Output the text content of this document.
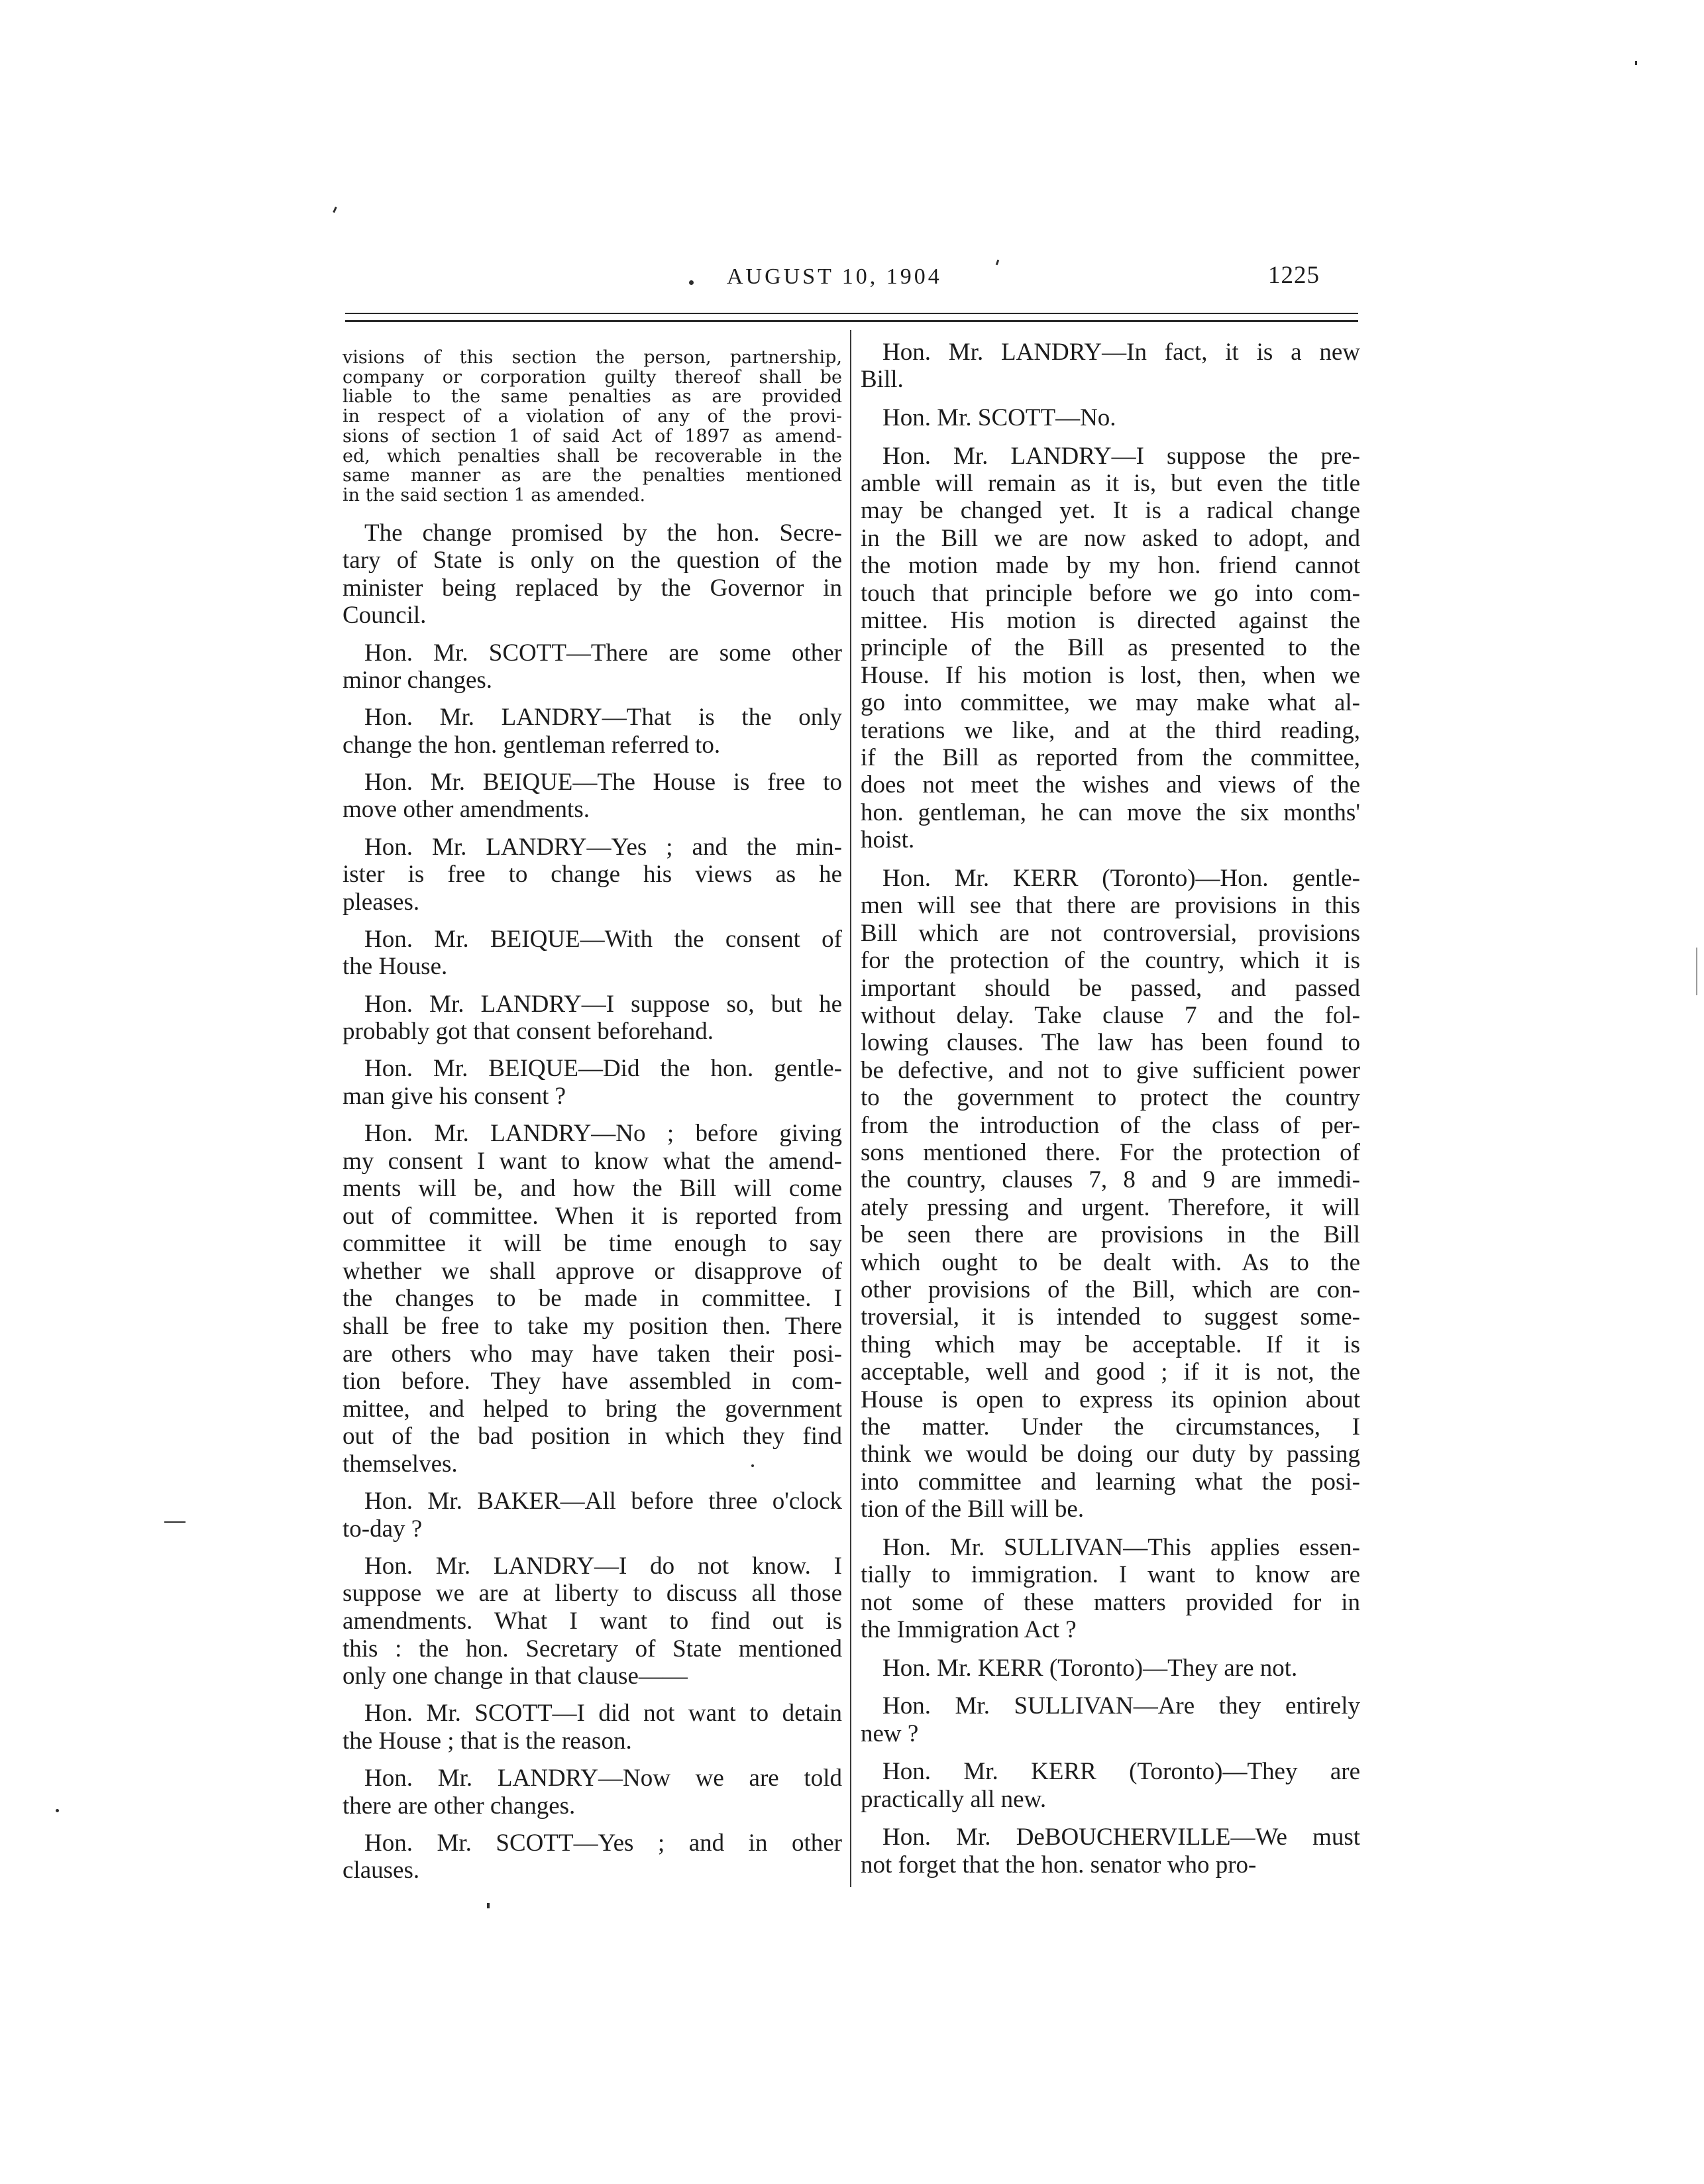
AUGUST 10, 1904	1225
visions of this section the person, partnership,
company or corporation guilty thereof shall be
liable to the same penalties as are provided
in respect of a violation of any of the provi-
sions of section 1 of said Act of 1897 as amend-
ed, which penalties shall be recoverable in the
same manner as are the penalties mentioned
in the said section 1 as amended.
The change promised by the hon. Secre-
tary of State is only on the question of the
minister being replaced by the Governor in
Council.
Hon. Mr. SCOTT—There are some other
minor changes.
Hon. Mr. LANDRY—That is the only
change the hon. gentleman referred to.
Hon. Mr. BEIQUE—The House is free to
move other amendments.
Hon. Mr. LANDRY—Yes ; and the min-
ister is free to change his views as he
pleases.
Hon. Mr. BEIQUE—With the consent of
the House.
Hon. Mr. LANDRY—I suppose so, but he
probably got that consent beforehand.
Hon. Mr. BEIQUE—Did the hon. gentle-
man give his consent ?
Hon. Mr. LANDRY—No ; before giving
my consent I want to know what the amend-
ments will be, and how the Bill will come
out of committee. When it is reported from
committee it will be time enough to say
whether we shall approve or disapprove of
the changes to be made in committee. I
shall be free to take my position then. There
are others who may have taken their posi-
tion before. They have assembled in com-
mittee, and helped to bring the government
out of the bad position in which they find
themselves.
Hon. Mr. BAKER—All before three o'clock
to-day ?
Hon. Mr. LANDRY—I do not know. I
suppose we are at liberty to discuss all those
amendments. What I want to find out is
this : the hon. Secretary of State mentioned
only one change in that clause——
Hon. Mr. SCOTT—I did not want to detain
the House ; that is the reason.
Hon. Mr. LANDRY—Now we are told
there are other changes.
Hon. Mr. SCOTT—Yes ; and in other
clauses.
Hon. Mr. LANDRY—In fact, it is a new
Bill.
Hon. Mr. SCOTT—No.
Hon. Mr. LANDRY—I suppose the pre-
amble will remain as it is, but even the title
may be changed yet. It is a radical change
in the Bill we are now asked to adopt, and
the motion made by my hon. friend cannot
touch that principle before we go into com-
mittee. His motion is directed against the
principle of the Bill as presented to the
House. If his motion is lost, then, when we
go into committee, we may make what al-
terations we like, and at the third reading,
if the Bill as reported from the committee,
does not meet the wishes and views of the
hon. gentleman, he can move the six months'
hoist.
Hon. Mr. KERR (Toronto)—Hon. gentle-
men will see that there are provisions in this
Bill which are not controversial, provisions
for the protection of the country, which it is
important should be passed, and passed
without delay. Take clause 7 and the fol-
lowing clauses. The law has been found to
be defective, and not to give sufficient power
to the government to protect the country
from the introduction of the class of per-
sons mentioned there. For the protection of
the country, clauses 7, 8 and 9 are immedi-
ately pressing and urgent. Therefore, it will
be seen there are provisions in the Bill
which ought to be dealt with. As to the
other provisions of the Bill, which are con-
troversial, it is intended to suggest some-
thing which may be acceptable. If it is
acceptable, well and good ; if it is not, the
House is open to express its opinion about
the matter. Under the circumstances, I
think we would be doing our duty by passing
into committee and learning what the posi-
tion of the Bill will be.
Hon. Mr. SULLIVAN—This applies essen-
tially to immigration. I want to know are
not some of these matters provided for in
the Immigration Act ?
Hon. Mr. KERR (Toronto)—They are not.
Hon. Mr. SULLIVAN—Are they entirely
new ?
Hon. Mr. KERR (Toronto)—They are
practically all new.
Hon. Mr. DeBOUCHERVILLE—We must
not forget that the hon. senator who pro-
